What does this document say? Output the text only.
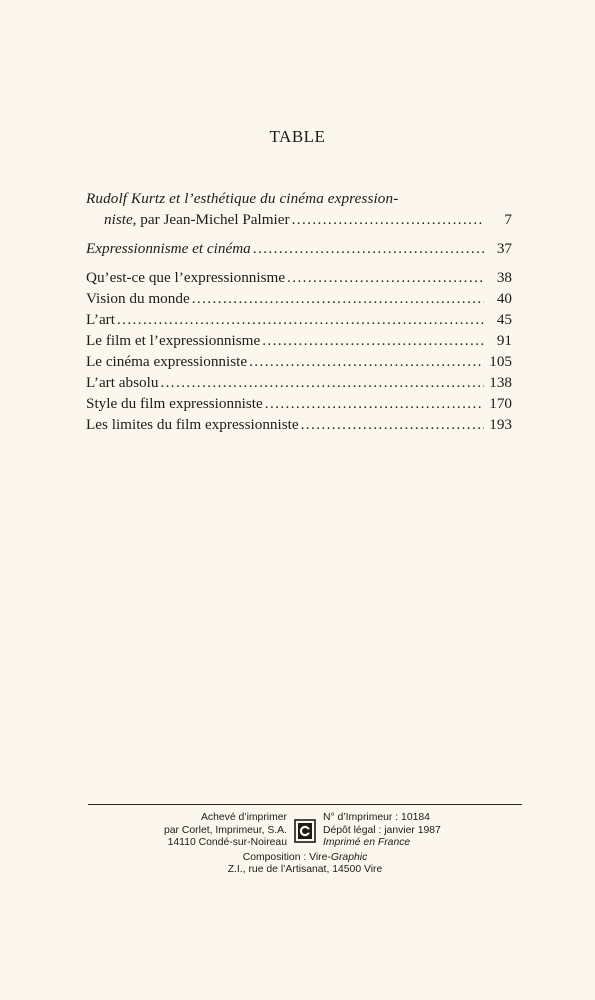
TABLE
Rudolf Kurtz et l’esthétique du cinéma expression-
niste, par Jean-Michel Palmier . . .	7
Expressionnisme et cinéma . . .	37
Qu’est-ce que l’expressionnisme . . .	38
Vision du monde . . .	40
L’art . . .	45
Le film et l’expressionnisme . . .	91
Le cinéma expressionniste . . .	105
L’art absolu . . .	138
Style du film expressionniste . . .	170
Les limites du film expressionniste . . .	193
Achevé d’imprimer
par Corlet, Imprimeur, S.A.
14110 Condé-sur-Noireau
N° d’Imprimeur : 10184
Dépôt légal : janvier 1987
Imprimé en France
Composition : Vire-Graphic
Z.I., rue de l’Artisanat, 14500 Vire
